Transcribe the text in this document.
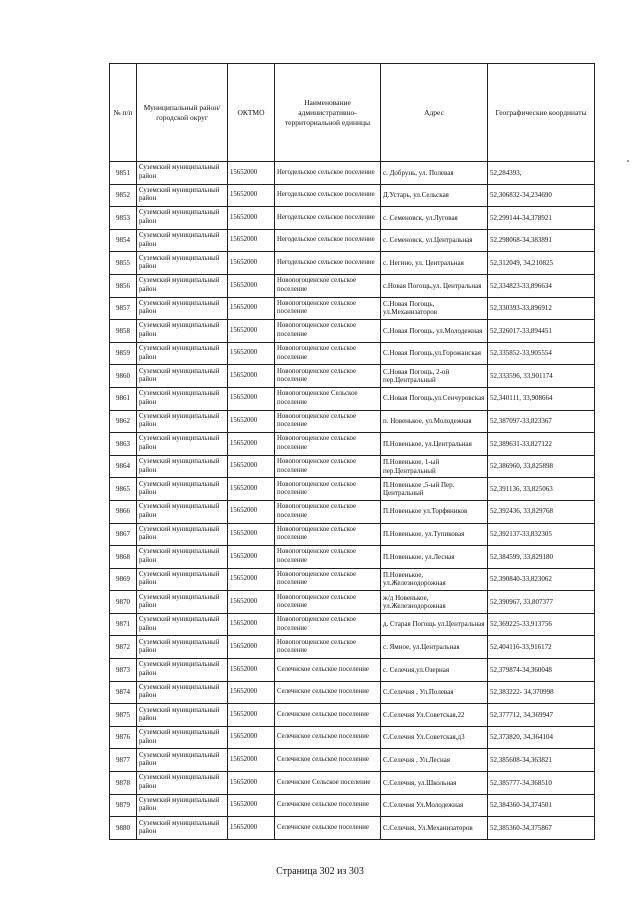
№ п/п	Муниципальный район/городской округ	ОКТМО	Наименование административно-территориальной единицы	Адрес	Географические координаты
9851	Суземский муниципальный район	15652000	Негодельское сельское поселение	с. Добрунь, ул. Полевая	52,284393,
9852	Суземский муниципальный район	15652000	Негодельское сельское поселение	Д.Устарь, ул.Сельская	52,306832-34,234690
9853	Суземский муниципальный район	15652000	Негодельское сельское поселение	с. Семеновск, ул.Луговая	52,299144-34,378921
9854	Суземский муниципальный район	15652000	Негодельское сельское поселение	с. Семеновск, ул.Центральная	52,298068-34,383891
9855	Суземский муниципальный район	15652000	Негодельское сельское поселение	с. Негино, ул. Центральная	52,312049, 34,210825
9856	Суземский муниципальный район	15652000	Новопогощенское сельское поселение	с.Новая Погощь,ул. Центральная	52,334823-33,896634
9857	Суземский муниципальный район	15652000	Новопогощенское сельское поселение	С.Новая Погощь, ул.Механизаторов	52,330393-33,896912
9858	Суземский муниципальный район	15652000	Новопогощенское сельское поселение	С.Новая Погощь, ул.Молодежная	52,326017-33,894451
9859	Суземский муниципальный район	15652000	Новопогощенское сельское поселение	С.Новая Погощь,ул.Горожанская	52,335852-33,905554
9860	Суземский муниципальный район	15652000	Новопогощенское сельское поселение	С.Новая Погощь, 2-ой пер.Центральный	52,333596, 33,901174
9861	Суземский муниципальный район	15652000	Новопогощенское Сельское поселение	С.Новая Погощь,ул.Сенчуровская	52,340111, 33,908664
9862	Суземский муниципальный район	15652000	Новопогощенское сельское поселение	п. Новенькое, ул.Молодежная	52,387097-33,823367
9863	Суземский муниципальный район	15652000	Новопогощенское сельское поселение	П.Новенькое, ул.Центральная	52,389631-33,827122
9864	Суземский муниципальный район	15652000	Новопогощенское сельское поселение	П.Новенькое, 1-ый пер.Центральный	52,386960, 33,825898
9865	Суземский муниципальный район	15652000	Новопогощенское сельское поселение	П.Новенькое ,5-ый Пер. Центральный	52,391136, 33,825063
9866	Суземский муниципальный район	15652000	Новопогощенское сельское поселение	П.Новенькое ул.Торфяников	52,392436, 33,829768
9867	Суземский муниципальный район	15652000	Новопогощенское сельское поселение	П.Новенькое, ул.Тупиковая	52,392137-33,832305
9868	Суземский муниципальный район	15652000	Новопогощенское сельское поселение	П.Новенькое, ул.Лесная	52,384599, 33,829180
9869	Суземский муниципальный район	15652000	Новопогощенское сельское поселение	П.Новенькое, ул.Железнодорожная	52,390840-33,823062
9870	Суземский муниципальный район	15652000	Новопогощенское сельское поселение	ж/д Новенькое, ул.Железнодорожная	52,390967, 33,807377
9871	Суземский муниципальный район	15652000	Новопогощенское сельское поселение	д. Старая Погощь ул.Центральная	52,369225-33,913756
9872	Суземский муниципальный район	15652000	Новопогощенское сельское поселение	с. Ямное, ул.Центральная	52,404116-33,916172
9873	Суземский муниципальный район	15652000	Селечнское сельское поселение	с. Селечня,ул.Озерная	52,379874-34,360048
9874	Суземский муниципальный район	15652000	Селечнское сельское поселение	С.Селечня , Ул.Полевая	52,383222- 34,370998
9875	Суземский муниципальный район	15652000	Селечнское сельское поселение	С.Селечня Ул.Советская,22	52,377712, 34,369947
9876	Суземский муниципальный район	15652000	Селечнское сельское поселение	С.Селечня Ул.Советская,д3	52,373820, 34,364104
9877	Суземский муниципальный район	15652000	Селечнское сельское поселение	С.Селечня , Ул.Лесная	52,385608-34,363821
9878	Суземский муниципальный район	15652000	Селечнское Сельское поселение	С.Селечня, ул.Школьная	52,385777-34,368510
9879	Суземский муниципальный район	15652000	Селечнское сельское поселение	С.Селечня Ул.Молодежная	52,384360-34,374501
9880	Суземский муниципальный район	15652000	Селечнское сельское поселение	С.Селечня, Ул.Механизаторов	52,385360-34,375867
Страница 302 из 303
